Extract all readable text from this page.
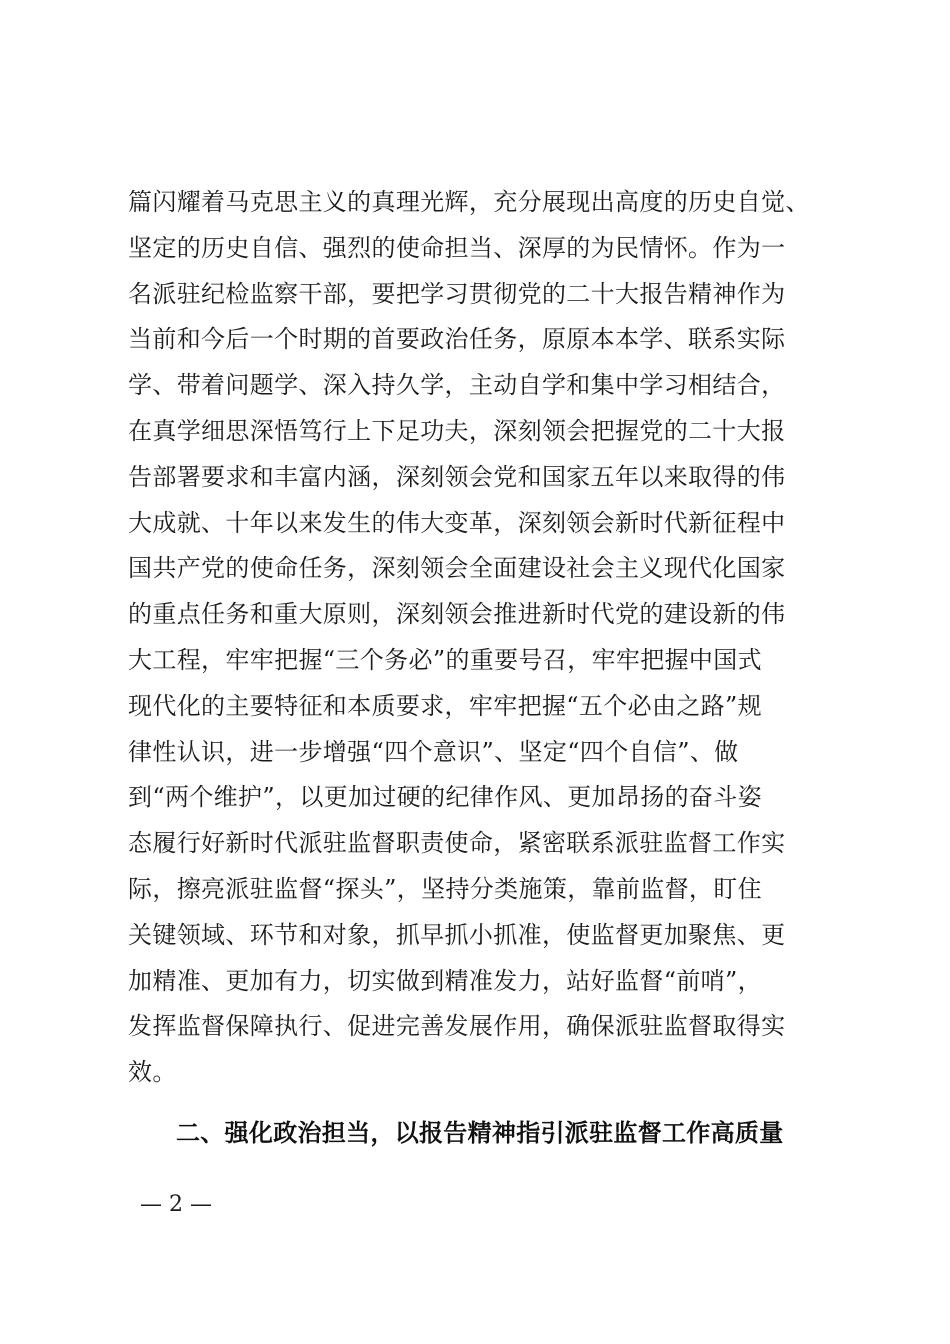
篇闪耀着马克思主义的真理光辉，充分展现出高度的历史自觉、
坚定的历史自信、强烈的使命担当、深厚的为民情怀。作为一
名派驻纪检监察干部，要把学习贯彻党的二十大报告精神作为
当前和今后一个时期的首要政治任务，原原本本学、联系实际
学、带着问题学、深入持久学，主动自学和集中学习相结合，
在真学细思深悟笃行上下足功夫，深刻领会把握党的二十大报
告部署要求和丰富内涵，深刻领会党和国家五年以来取得的伟
大成就、十年以来发生的伟大变革，深刻领会新时代新征程中
国共产党的使命任务，深刻领会全面建设社会主义现代化国家
的重点任务和重大原则，深刻领会推进新时代党的建设新的伟
大工程，牢牢把握“三个务必”的重要号召，牢牢把握中国式
现代化的主要特征和本质要求，牢牢把握“五个必由之路”规
律性认识，进一步增强“四个意识”、坚定“四个自信”、做
到“两个维护”，以更加过硬的纪律作风、更加昂扬的奋斗姿
态履行好新时代派驻监督职责使命，紧密联系派驻监督工作实
际，擦亮派驻监督“探头”，坚持分类施策，靠前监督，盯住
关键领域、环节和对象，抓早抓小抓准，使监督更加聚焦、更
加精准、更加有力，切实做到精准发力，站好监督“前哨”，
发挥监督保障执行、促进完善发展作用，确保派驻监督取得实
效。

二、强化政治担当，以报告精神指引派驻监督工作高质量

— 2 —
